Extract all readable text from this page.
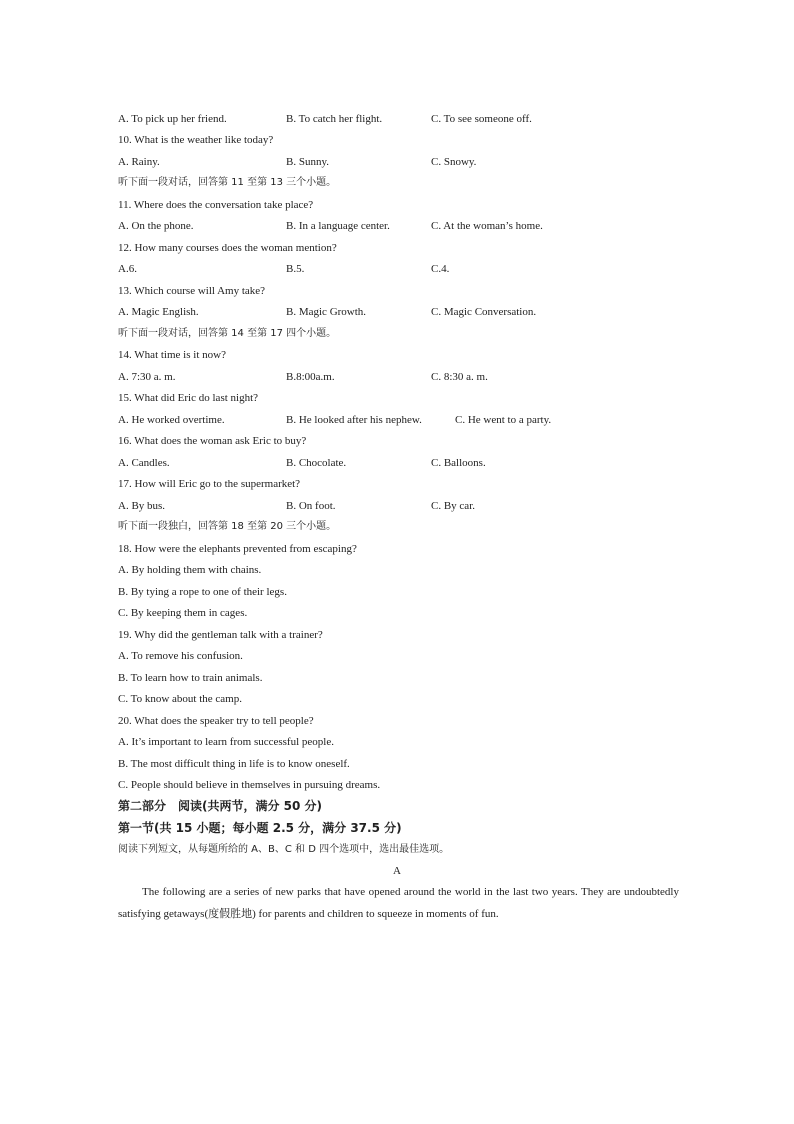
A. To pick up her friend.	B. To catch her flight.	C. To see someone off.
10. What is the weather like today?
A. Rainy.	B. Sunny.	C. Snowy.
听下面一段对话，回答第 11 至第 13 三个小题。
11. Where does the conversation take place?
A. On the phone.	B. In a language center.	C. At the woman’s home.
12. How many courses does the woman mention?
A.6.	B.5.	C.4.
13. Which course will Amy take?
A. Magic English.	B. Magic Growth.	C. Magic Conversation.
听下面一段对话，回答第 14 至第 17 四个小题。
14. What time is it now?
A. 7:30 a. m.	B.8:00a.m.	C. 8:30 a. m.
15. What did Eric do last night?
A. He worked overtime.	B. He looked after his nephew.	C. He went to a party.
16. What does the woman ask Eric to buy?
A. Candles.	B. Chocolate.	C. Balloons.
17. How will Eric go to the supermarket?
A. By bus.	B. On foot.	C. By car.
听下面一段独白，回答第 18 至第 20 三个小题。
18. How were the elephants prevented from escaping?
A. By holding them with chains.
B. By tying a rope to one of their legs.
C. By keeping them in cages.
19. Why did the gentleman talk with a trainer?
A. To remove his confusion.
B. To learn how to train animals.
C. To know about the camp.
20. What does the speaker try to tell people?
A. It’s important to learn from successful people.
B. The most difficult thing in life is to know oneself.
C. People should believe in themselves in pursuing dreams.
第二部分　阅读(共两节，满分 50 分)
第一节(共 15 小题；每小题 2.5 分，满分 37.5 分)
阅读下列短文，从每题所给的 A、B、C 和 D 四个选项中，选出最佳选项。
A
The following are a series of new parks that have opened around the world in the last two years. They are undoubtedly satisfying getaways(度假胜地) for parents and children to squeeze in moments of fun.
